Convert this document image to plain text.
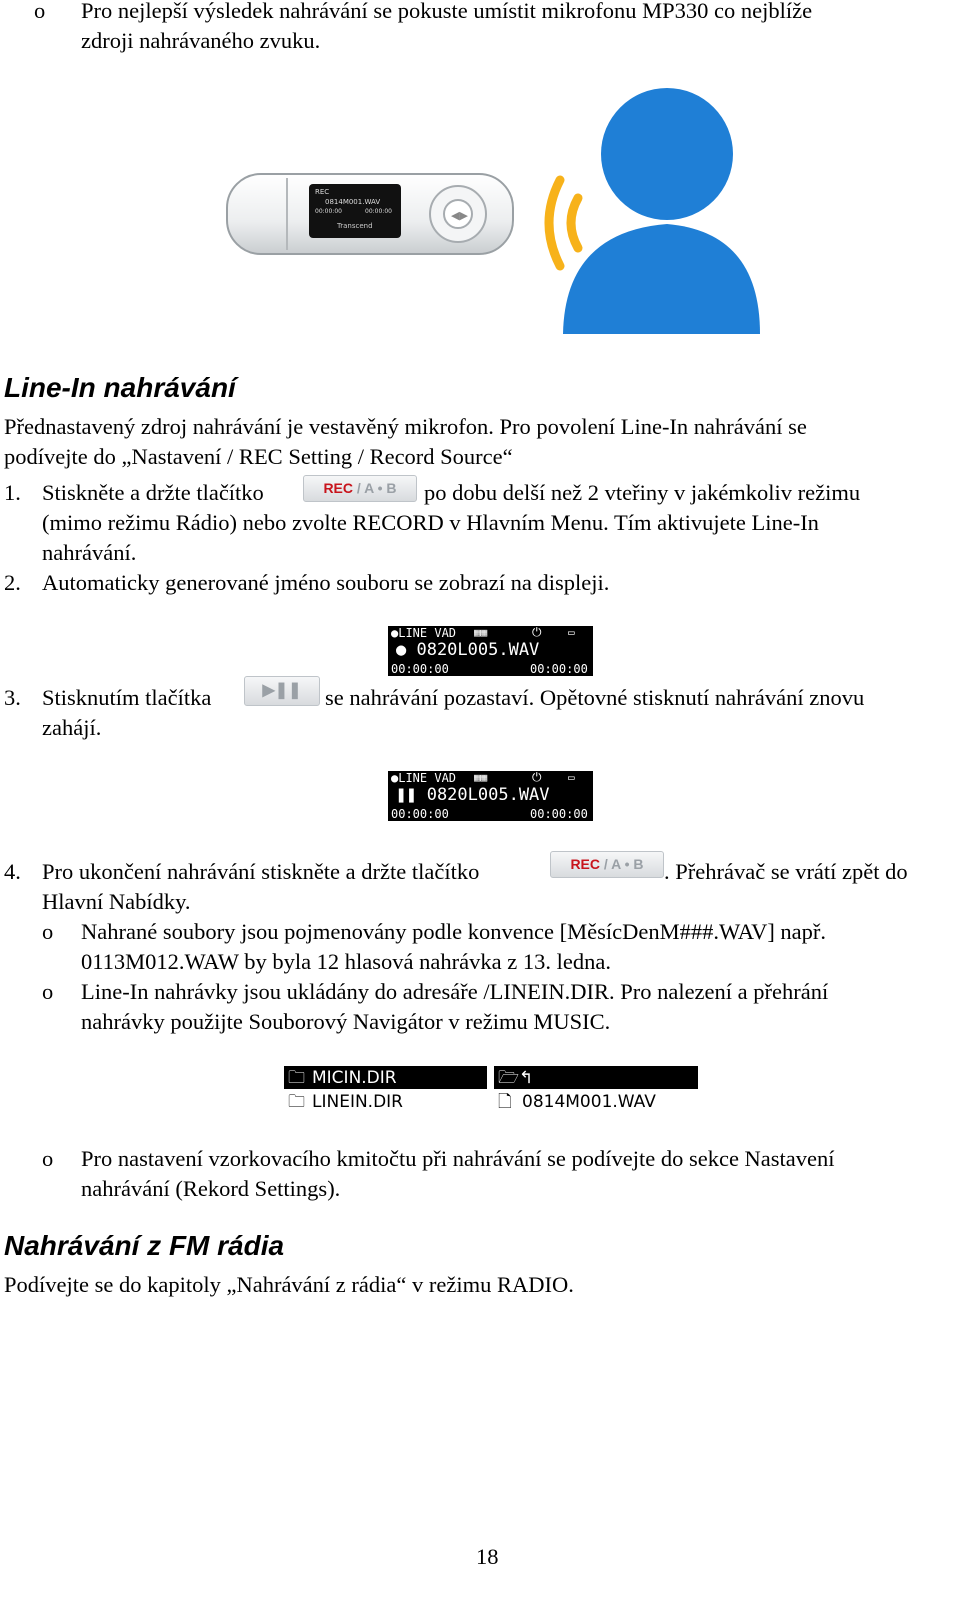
o Pro nejlepší výsledek nahrávání se pokuste umístit mikrofonu MP330 co nejblíže
zdroji nahrávaného zvuku.
◀▶
REC
0814M001.WAV
00:00:00	00:00:00
Transcend
Line-In nahrávání
Přednastavený zdroj nahrávání je vestavěný mikrofon. Pro povolení Line-In nahrávání se
podívejte do „Nastavení / REC Setting / Record Source“
1. Stiskněte a držte tlačítko	REC / A • B	po dobu delší než 2 vteřiny v jakémkoliv režimu
(mimo režimu Rádio) nebo zvolte RECORD v Hlavním Menu. Tím aktivujete Line-In
nahrávání.
2. Automaticky generované jméno souboru se zobrazí na displeji.
●LINE VAD ▦▦	⏻ ▭
● 0820L005.WAV
00:00:00	00:00:00
3. Stisknutím tlačítka	▶❚❚	se nahrávání pozastaví. Opětovné stisknutí nahrávání znovu
zahájí.
●LINE VAD ▦▦	⏻ ▭
❚❚ 0820L005.WAV
00:00:00	00:00:00
4. Pro ukončení nahrávání stiskněte a držte tlačítko	REC / A • B . Přehrávač se vrátí zpět do
Hlavní Nabídky.
o Nahrané soubory jsou pojmenovány podle konvence [MěsícDenM###.WAV] např.
0113M012.WAW by byla 12 hlasová nahrávka z 13. ledna.
o Line-In nahrávky jsou ukládány do adresáře /LINEIN.DIR. Pro nalezení a přehrání
nahrávky použijte Souborový Navigátor v režimu MUSIC.
🗀 MICIN.DIR
🗀 LINEIN.DIR
🗁↰
🗋 0814M001.WAV
o Pro nastavení vzorkovacího kmitočtu při nahrávání se podívejte do sekce Nastavení
nahrávání (Rekord Settings).
Nahrávání z FM rádia
Podívejte se do kapitoly „Nahrávání z rádia“ v režimu RADIO.
18
